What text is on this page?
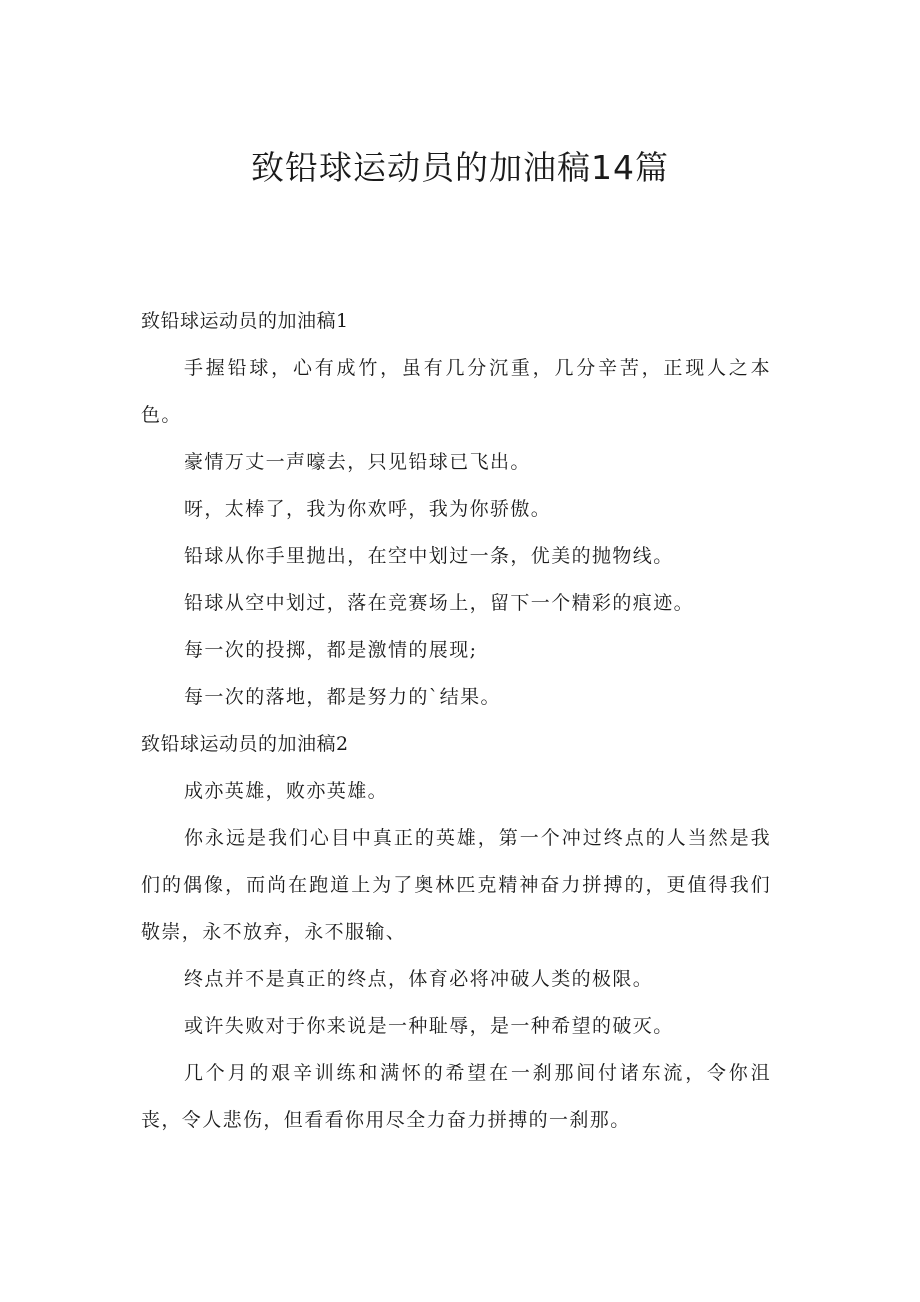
致铅球运动员的加油稿14篇
致铅球运动员的加油稿1

手握铅球，心有成竹，虽有几分沉重，几分辛苦，正现人之本色。

豪情万丈一声嚎去，只见铅球已飞出。

呀，太棒了，我为你欢呼，我为你骄傲。

铅球从你手里抛出，在空中划过一条，优美的抛物线。

铅球从空中划过，落在竞赛场上，留下一个精彩的痕迹。

每一次的投掷，都是激情的展现;

每一次的落地，都是努力的`结果。

致铅球运动员的加油稿2

成亦英雄，败亦英雄。

你永远是我们心目中真正的英雄，第一个冲过终点的人当然是我们的偶像，而尚在跑道上为了奥林匹克精神奋力拼搏的，更值得我们敬崇，永不放弃，永不服输、

终点并不是真正的终点，体育必将冲破人类的极限。

或许失败对于你来说是一种耻辱，是一种希望的破灭。

几个月的艰辛训练和满怀的希望在一刹那间付诸东流，令你沮丧，令人悲伤，但看看你用尽全力奋力拼搏的一刹那。
